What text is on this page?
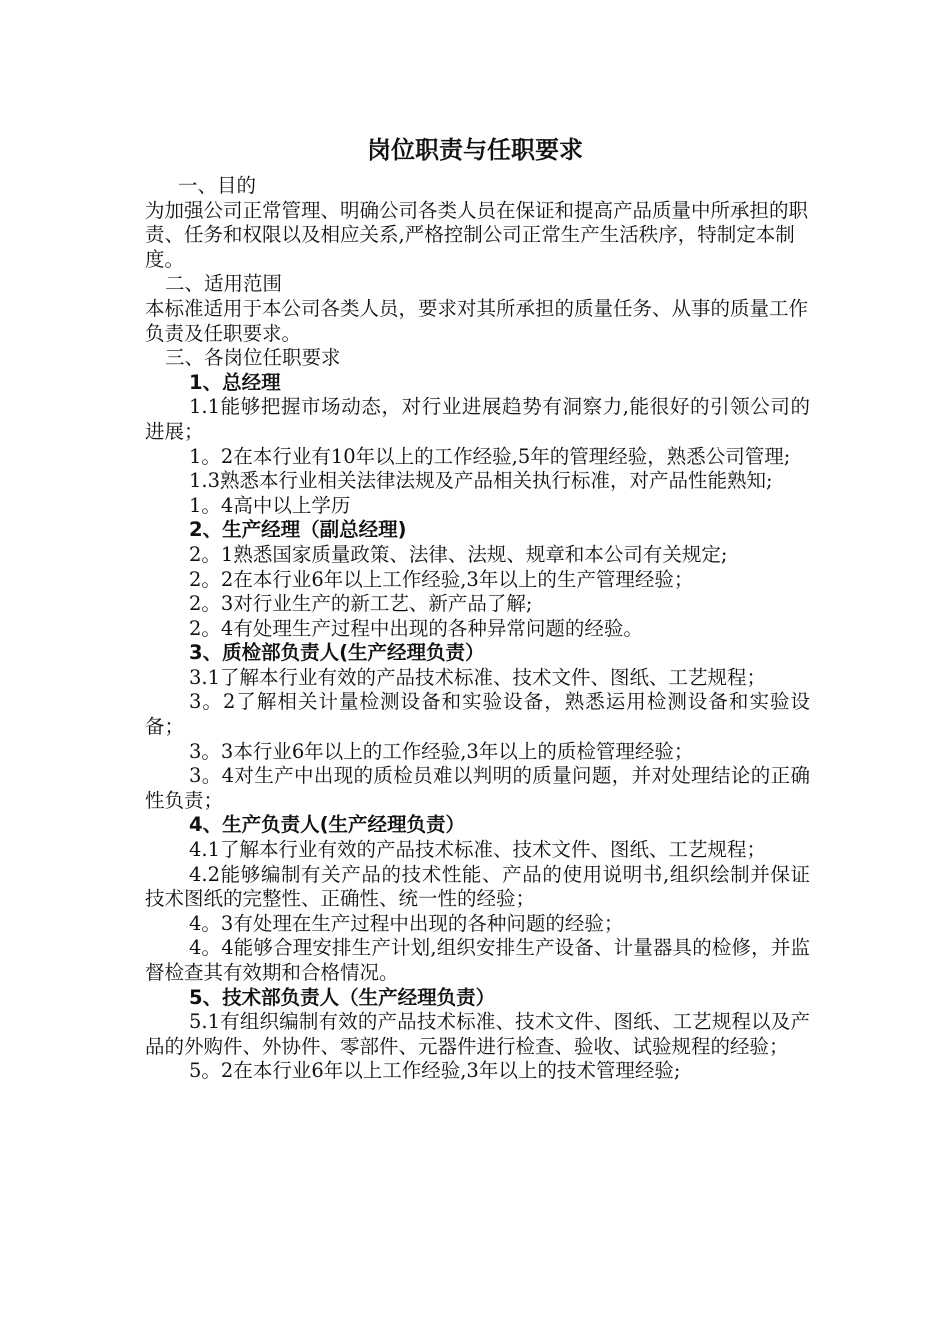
岗位职责与任职要求

一、目的

为加强公司正常管理、明确公司各类人员在保证和提高产品质量中所承担的职责、任务和权限以及相应关系,严格控制公司正常生产生活秩序，特制定本制度。

二、适用范围

本标准适用于本公司各类人员，要求对其所承担的质量任务、从事的质量工作负责及任职要求。

三、各岗位任职要求

1、总经理

1.1能够把握市场动态，对行业进展趋势有洞察力,能很好的引领公司的进展；

1。2在本行业有10年以上的工作经验,5年的管理经验，熟悉公司管理;

1.3熟悉本行业相关法律法规及产品相关执行标准，对产品性能熟知;

1。4高中以上学历

2、生产经理（副总经理)

2。1熟悉国家质量政策、法律、法规、规章和本公司有关规定;

2。2在本行业6年以上工作经验,3年以上的生产管理经验；

2。3对行业生产的新工艺、新产品了解;

2。4有处理生产过程中出现的各种异常问题的经验。

3、质检部负责人(生产经理负责）

3.1了解本行业有效的产品技术标准、技术文件、图纸、工艺规程；

3。2了解相关计量检测设备和实验设备，熟悉运用检测设备和实验设备；

3。3本行业6年以上的工作经验,3年以上的质检管理经验；

3。4对生产中出现的质检员难以判明的质量问题，并对处理结论的正确性负责；

4、生产负责人(生产经理负责）

4.1了解本行业有效的产品技术标准、技术文件、图纸、工艺规程；

4.2能够编制有关产品的技术性能、产品的使用说明书,组织绘制并保证技术图纸的完整性、正确性、统一性的经验；

4。3有处理在生产过程中出现的各种问题的经验；

4。4能够合理安排生产计划,组织安排生产设备、计量器具的检修，并监督检查其有效期和合格情况。

5、技术部负责人（生产经理负责）

5.1有组织编制有效的产品技术标准、技术文件、图纸、工艺规程以及产品的外购件、外协件、零部件、元器件进行检查、验收、试验规程的经验；

5。2在本行业6年以上工作经验,3年以上的技术管理经验;
